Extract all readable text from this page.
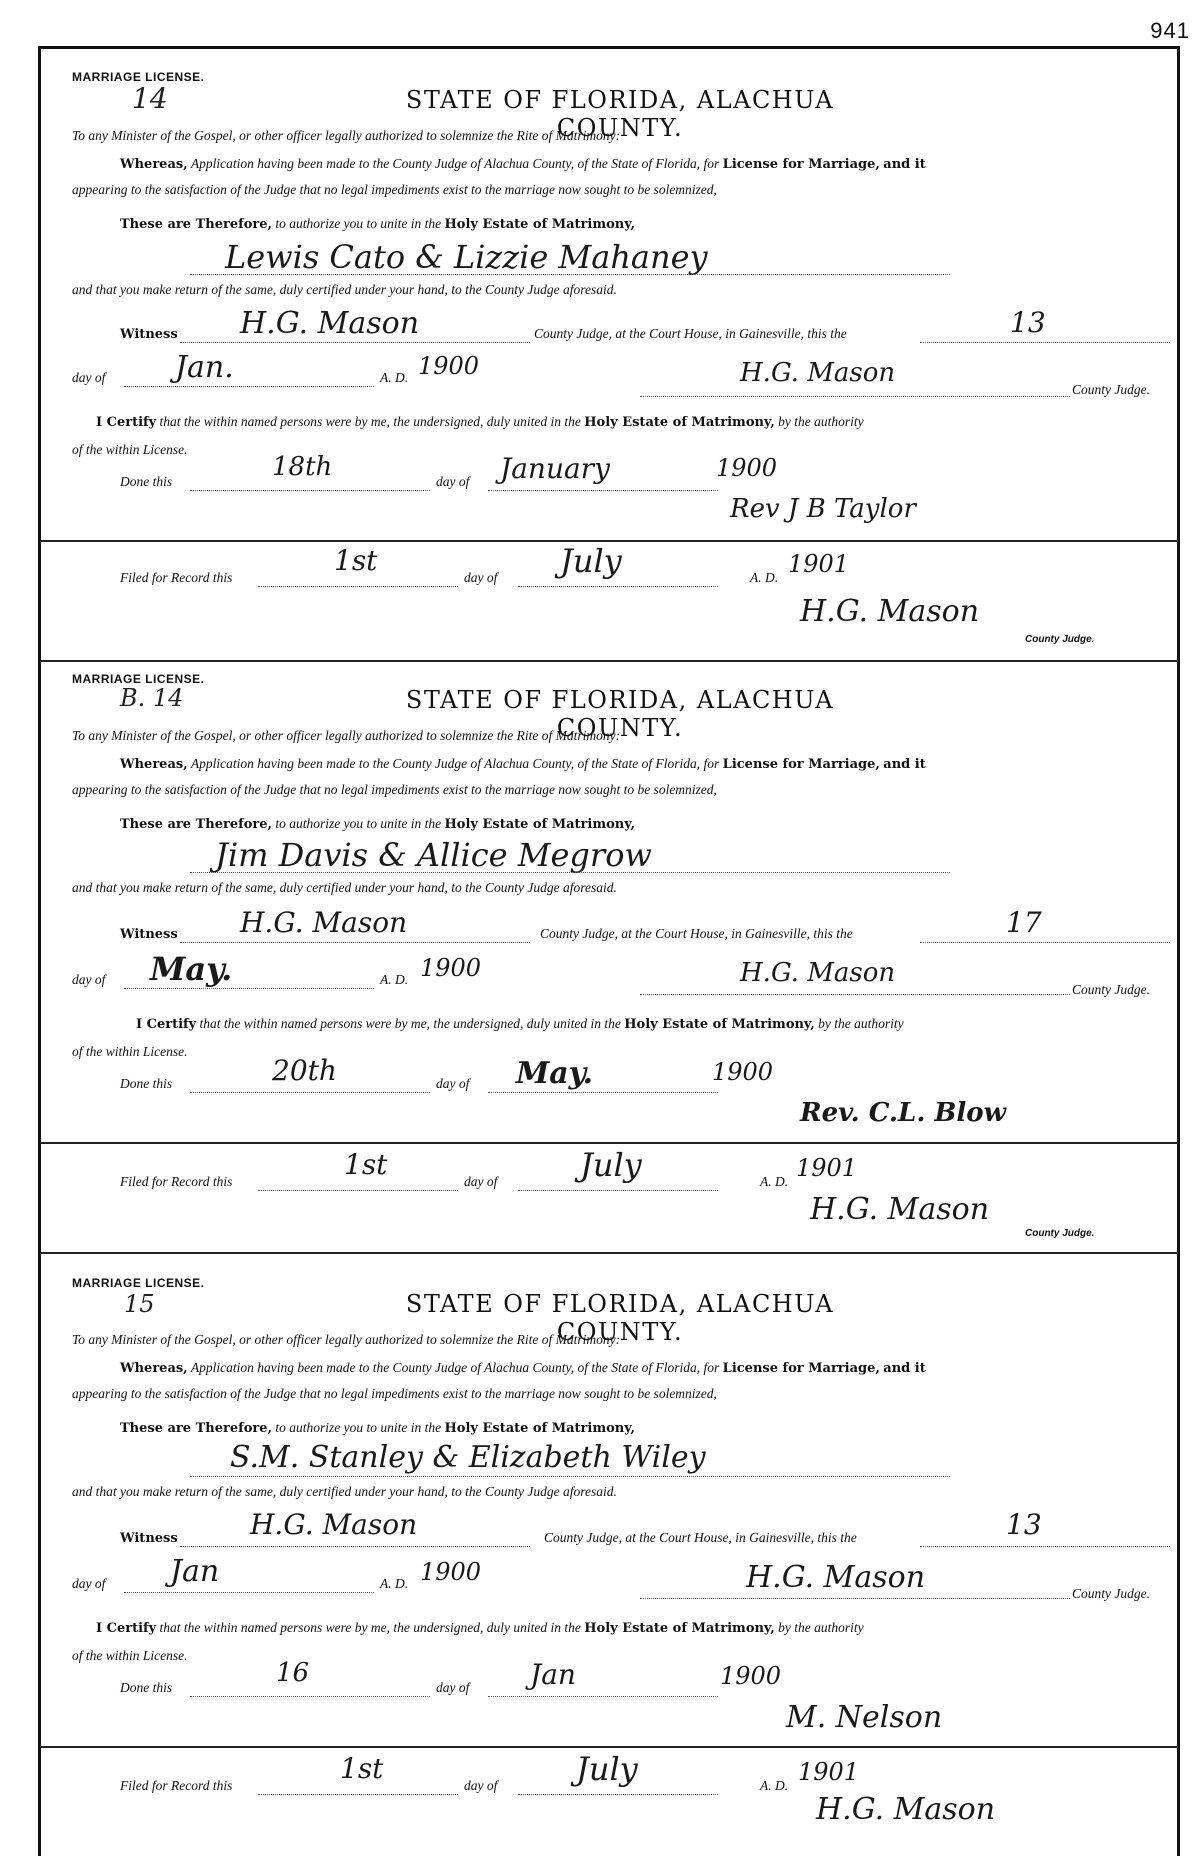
941
MARRIAGE LICENSE.
14	STATE OF FLORIDA, ALACHUA COUNTY.
To any Minister of the Gospel, or other officer legally authorized to solemnize the Rite of Matrimony:
Whereas, Application having been made to the County Judge of Alachua County, of the State of Florida, for License for Marriage, and it
appearing to the satisfaction of the Judge that no legal impediments exist to the marriage now sought to be solemnized,
These are Therefore, to authorize you to unite in the Holy Estate of Matrimony,
Lewis Cato & Lizzie Mahaney
and that you make return of the same, duly certified under your hand, to the County Judge aforesaid.
Witness H.G. Mason	County Judge, at the Court House, in Gainesville, this the	13
day of Jan.	A. D. 1900	H.G. Mason
County Judge.
I Certify that the within named persons were by me, the undersigned, duly united in the Holy Estate of Matrimony, by the authority
of the within License.
Done this	18th	day of January	1900
Rev J B Taylor
Filed for Record this
1st
day of July	A. D. 1901
H.G. Mason
County Judge.
MARRIAGE LICENSE.
B. 14	STATE OF FLORIDA, ALACHUA COUNTY.
To any Minister of the Gospel, or other officer legally authorized to solemnize the Rite of Matrimony:
Whereas, Application having been made to the County Judge of Alachua County, of the State of Florida, for License for Marriage, and it
appearing to the satisfaction of the Judge that no legal impediments exist to the marriage now sought to be solemnized,
These are Therefore, to authorize you to unite in the Holy Estate of Matrimony,
Jim Davis & Allice Megrow
and that you make return of the same, duly certified under your hand, to the County Judge aforesaid.
Witness H.G. Mason	County Judge, at the Court House, in Gainesville, this the	17
day of May.	A. D. 1900	H.G. Mason
County Judge.
I Certify that the within named persons were by me, the undersigned, duly united in the Holy Estate of Matrimony, by the authority
of the within License.
Done this	20th	day of May.	1900
Rev. C.L. Blow
Filed for Record this
1st
day of	July	A. D. 1901
H.G. Mason
County Judge.
MARRIAGE LICENSE.
15	STATE OF FLORIDA, ALACHUA COUNTY.
To any Minister of the Gospel, or other officer legally authorized to solemnize the Rite of Matrimony:
Whereas, Application having been made to the County Judge of Alachua County, of the State of Florida, for License for Marriage, and it
appearing to the satisfaction of the Judge that no legal impediments exist to the marriage now sought to be solemnized,
These are Therefore, to authorize you to unite in the Holy Estate of Matrimony,
S.M. Stanley & Elizabeth Wiley
and that you make return of the same, duly certified under your hand, to the County Judge aforesaid.
Witness	H.G. Mason	County Judge, at the Court House, in Gainesville, this the	13
day of Jan	A. D. 1900	H.G. Mason	County Judge.
I Certify that the within named persons were by me, the undersigned, duly united in the Holy Estate of Matrimony, by the authority
of the within License.
Done this	16	day of Jan	1900
M. Nelson
Filed for Record this
1st
day of July	A. D. 1901
H.G. Mason
